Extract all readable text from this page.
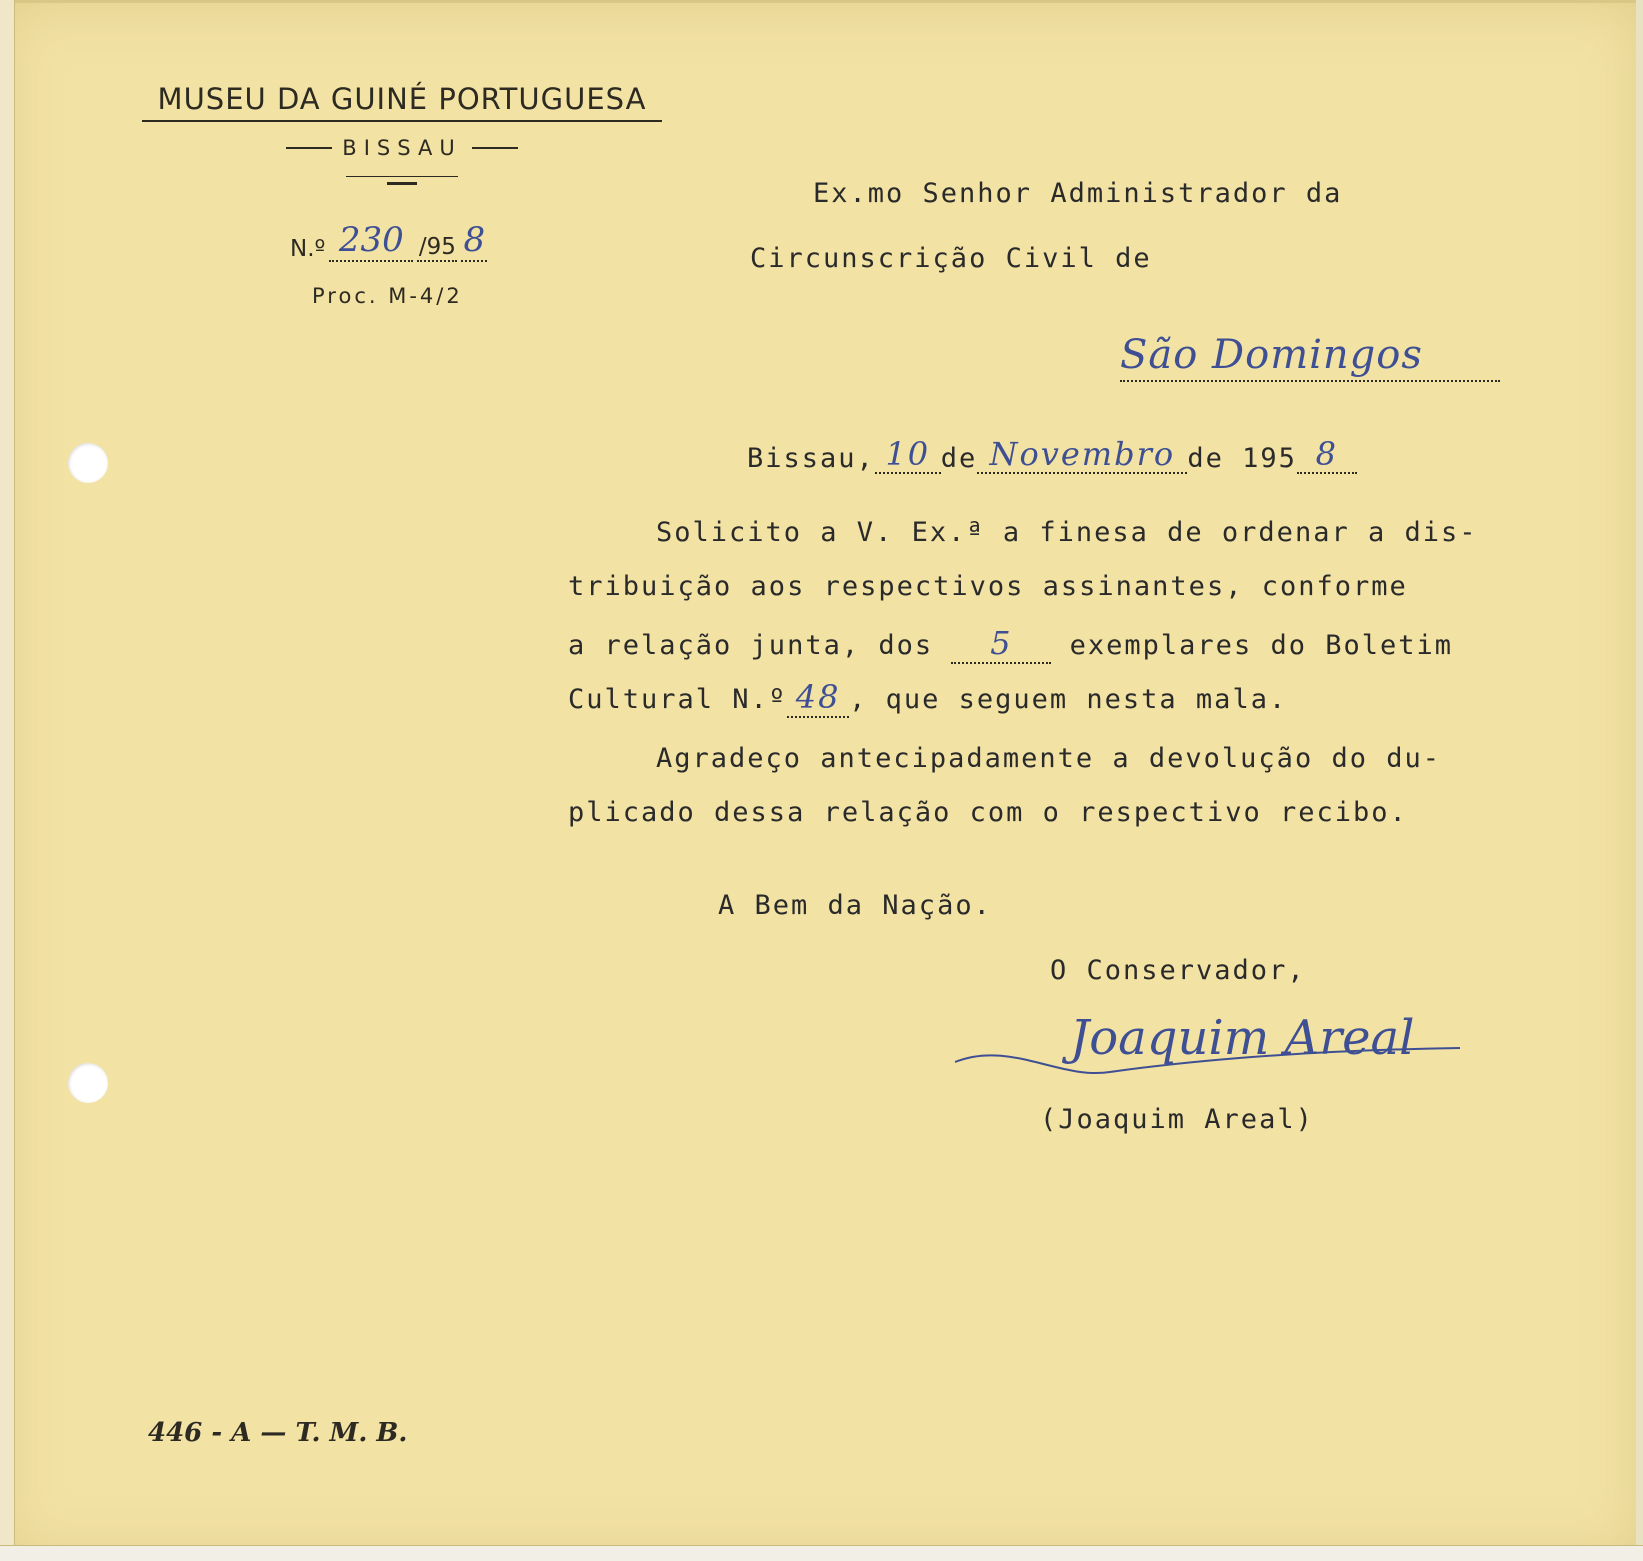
MUSEU DA GUINÉ PORTUGUESA
BISSAU
N.º 230 /95 8
Proc. M-4/2
Ex.mo Senhor Administrador da
Circunscrição Civil de
São Domingos
Bissau, 10 de Novembro de 195 8
Solicito a V. Ex.ª a finesa de ordenar a dis-
tribuição aos respectivos assinantes, conforme
a relação junta, dos 5 exemplares do Boletim
Cultural N.º 48 , que seguem nesta mala.
Agradeço antecipadamente a devolução do du-
plicado dessa relação com o respectivo recibo.
A Bem da Nação.
O Conservador,
Joaquim Areal
(Joaquim Areal)
446 - A — T. M. B.
